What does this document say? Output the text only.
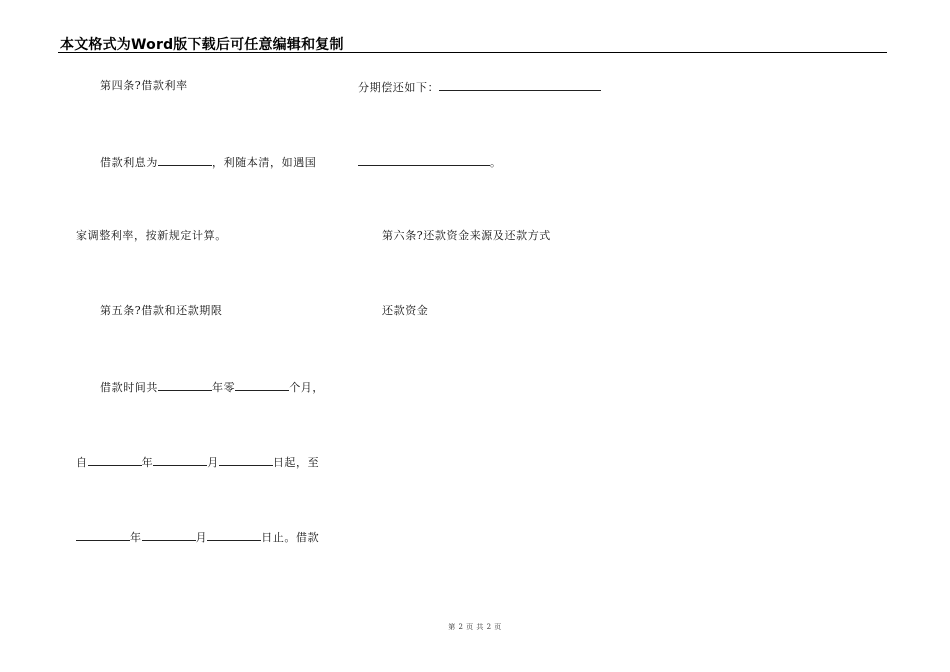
本文格式为Word版下载后可任意编辑和复制
第四条?借款利率
借款利息为	，利随本清，如遇国
家调整利率，按新规定计算。
第五条?借款和还款期限
借款时间共	年零	个月，
自	年	月	日起，至
年	月	日止。借款
分期偿还如下：
。
第六条?还款资金来源及还款方式
还款资金
第 2 页 共 2 页
